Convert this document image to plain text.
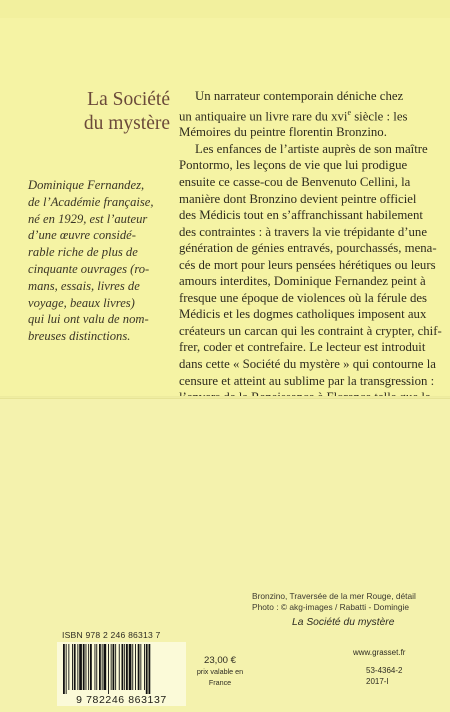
La Société
du mystère
Dominique Fernandez,
de l’Académie française,
né en 1929, est l’auteur
d’une œuvre considé-
rable riche de plus de
cinquante ouvrages (ro-
mans, essais, livres de
voyage, beaux livres)
qui lui ont valu de nom-
breuses distinctions.
Un narrateur contemporain déniche chez
un antiquaire un livre rare du xvi$^e$ siècle : les
Mémoires du peintre florentin Bronzino.
Les enfances de l’artiste auprès de son maître
Pontormo, les leçons de vie que lui prodigue
ensuite ce casse-cou de Benvenuto Cellini, la
manière dont Bronzino devient peintre officiel
des Médicis tout en s’affranchissant habilement
des contraintes : à travers la vie trépidante d’une
génération de génies entravés, pourchassés, mena-
cés de mort pour leurs pensées hérétiques ou leurs
amours interdites, Dominique Fernandez peint à
fresque une époque de violences où la férule des
Médicis et les dogmes catholiques imposent aux
créateurs un carcan qui les contraint à crypter, chif-
frer, coder et contrefaire. Le lecteur est introduit
dans cette « Société du mystère » qui contourne la
censure et atteint au sublime par la transgression :
Bronzino, Traversée de la mer Rouge, détail
Photo : © akg-images / Rabatti - Domingie
La Société du mystère
ISBN 978 2 246 86313 7
9 782246 863137
23,00 €
prix valable en
France
www.grasset.fr
53-4364-2
2017-I
